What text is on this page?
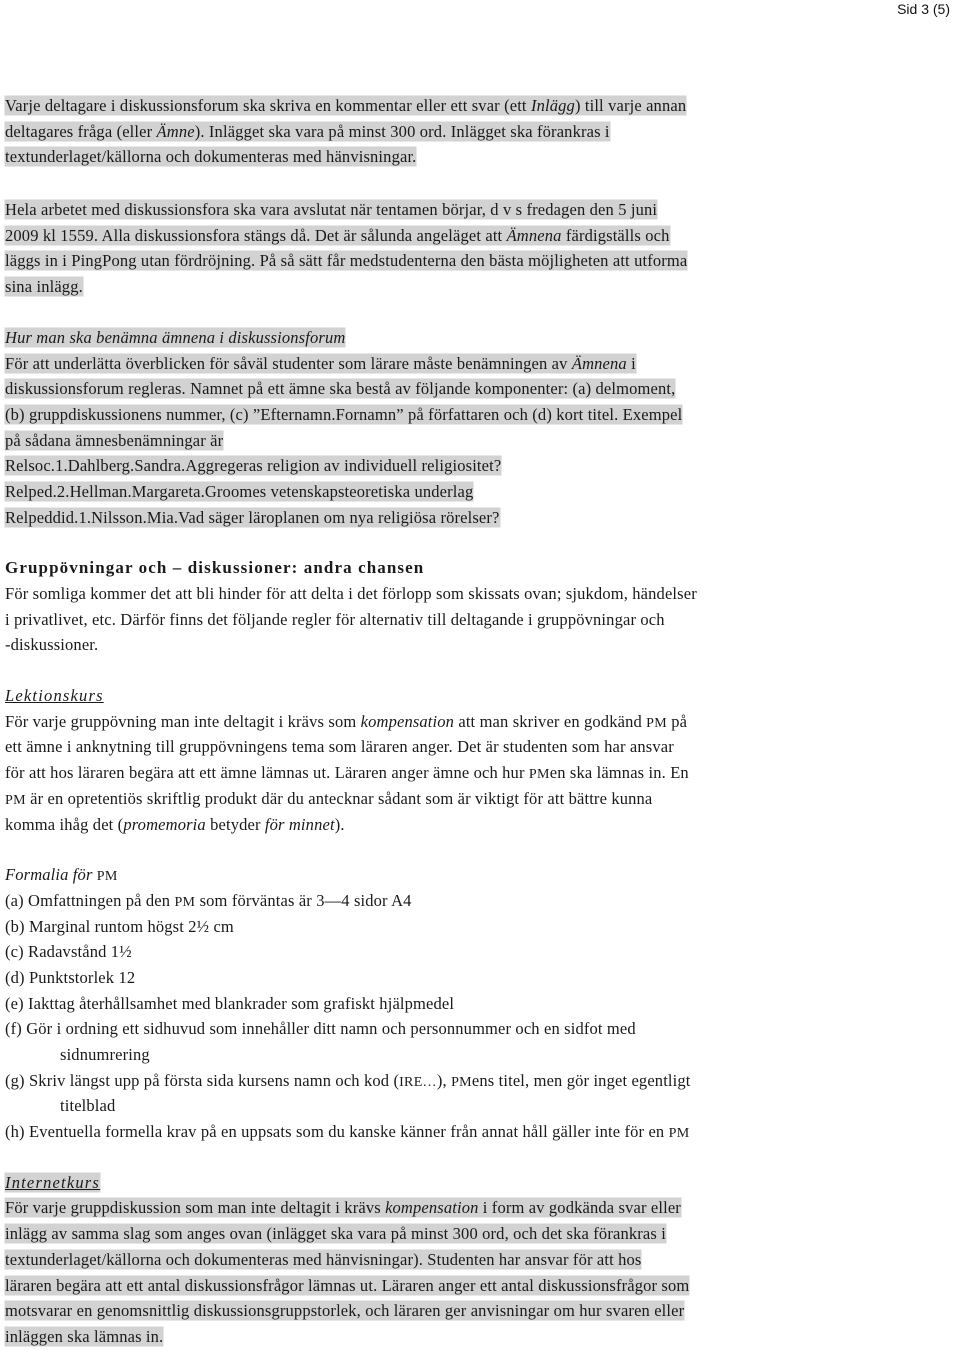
Sid 3 (5)
Varje deltagare i diskussionsforum ska skriva en kommentar eller ett svar (ett Inlägg) till varje annan
deltagares fråga (eller Ämne). Inlägget ska vara på minst 300 ord. Inlägget ska förankras i
textunderlaget/källorna och dokumenteras med hänvisningar.
Hela arbetet med diskussionsfora ska vara avslutat när tentamen börjar, d v s fredagen den 5 juni
2009 kl 1559. Alla diskussionsfora stängs då. Det är sålunda angeläget att Ämnena färdigställs och
läggs in i PingPong utan fördröjning. På så sätt får medstudenterna den bästa möjligheten att utforma
sina inlägg.
Hur man ska benämna ämnena i diskussionsforum
För att underlätta överblicken för såväl studenter som lärare måste benämningen av Ämnena i
diskussionsforum regleras. Namnet på ett ämne ska bestå av följande komponenter: (a) delmoment,
(b) gruppdiskussionens nummer, (c) ”Efternamn.Fornamn” på författaren och (d) kort titel. Exempel
på sådana ämnesbenämningar är
Relsoc.1.Dahlberg.Sandra.Aggregeras religion av individuell religiositet?
Relped.2.Hellman.Margareta.Groomes vetenskapsteoretiska underlag
Relpeddid.1.Nilsson.Mia.Vad säger läroplanen om nya religiösa rörelser?
Gruppövningar och – diskussioner: andra chansen
För somliga kommer det att bli hinder för att delta i det förlopp som skissats ovan; sjukdom, händelser
i privatlivet, etc. Därför finns det följande regler för alternativ till deltagande i gruppövningar och
-diskussioner.
Lektionskurs
För varje gruppövning man inte deltagit i krävs som kompensation att man skriver en godkänd PM på
ett ämne i anknytning till gruppövningens tema som läraren anger. Det är studenten som har ansvar
för att hos läraren begära att ett ämne lämnas ut. Läraren anger ämne och hur PMen ska lämnas in. En
PM är en opretentiös skriftlig produkt där du antecknar sådant som är viktigt för att bättre kunna
komma ihåg det (promemoria betyder för minnet).
Formalia för PM
(a) Omfattningen på den PM som förväntas är 3—4 sidor A4
(b) Marginal runtom högst 2½ cm
(c) Radavstånd 1½
(d) Punktstorlek 12
(e) Iakttag återhållsamhet med blankrader som grafiskt hjälpmedel
(f) Gör i ordning ett sidhuvud som innehåller ditt namn och personnummer och en sidfot med
sidnumrering
(g) Skriv längst upp på första sida kursens namn och kod (IRE…), PMens titel, men gör inget egentligt
titelblad
(h) Eventuella formella krav på en uppsats som du kanske känner från annat håll gäller inte för en PM
Internetkurs
För varje gruppdiskussion som man inte deltagit i krävs kompensation i form av godkända svar eller
inlägg av samma slag som anges ovan (inlägget ska vara på minst 300 ord, och det ska förankras i
textunderlaget/källorna och dokumenteras med hänvisningar). Studenten har ansvar för att hos
läraren begära att ett antal diskussionsfrågor lämnas ut. Läraren anger ett antal diskussionsfrågor som
motsvarar en genomsnittlig diskussionsgruppstorlek, och läraren ger anvisningar om hur svaren eller
inläggen ska lämnas in.
